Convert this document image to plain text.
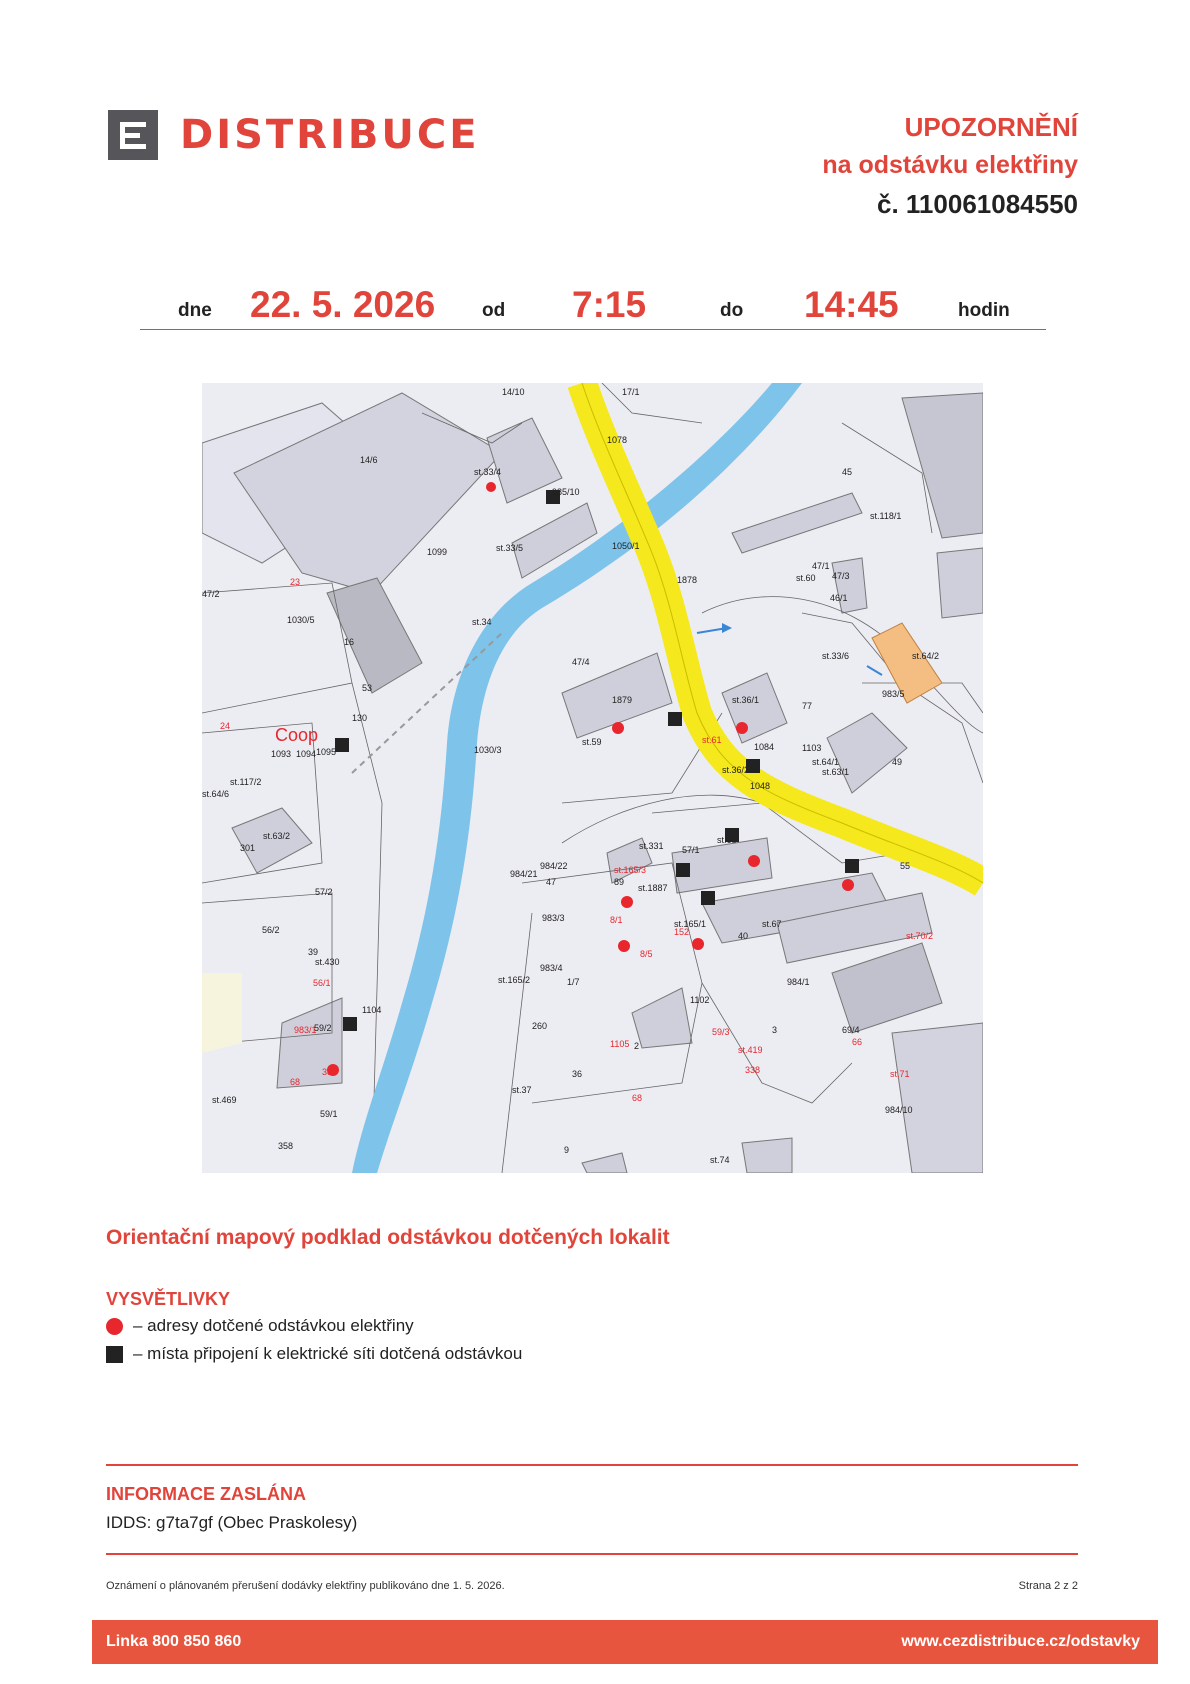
DISTRIBUCE	UPOZORNĚNÍ
na odstávku elektřiny
č. 110061084550
dne 22. 5. 2026 od 7:15	do 14:45	hodin
14/10	17/1
1078
14/6
st.33/4
985/10
45
st.118/1
1099	st.33/5	1050/1
st.60 47/3
47/1
23	1878
46/1
47/2
1030/5	st.34
16
st.33/6	st.64/2
47/4
53
983/5
130
1879	st.36/1
77
24 Coop
1093 1094 1095	1030/3
st.59	st.61
1084	1103
st.64/1	49
st.117/2
st.36/2	st.63/1
st.64/6
1048
st.63/2
301	st.331 57/1
st.68
55
984/21
984/22	st.165/3
47	89
st.1887
57/2
56/2
983/3	8/1	st.165/1
152
st.67
40	st.70/2
39
st.430
8/5
983/4
56/1	st.165/2	1/7	984/1
1102
1104
260
59/3
983/1
59/2
1105 2	66
st.419
338	st.71
68
38	36
st.37
68
59/1	984/10
358	9
st.74
3	69/4
st.469
Orientační mapový podklad odstávkou dotčených lokalit
VYSVĚTLIVKY
– adresy dotčené odstávkou elektřiny
– místa připojení k elektrické síti dotčená odstávkou
INFORMACE ZASLÁNA
IDDS: g7ta7gf (Obec Praskolesy)
Oznámení o plánovaném přerušení dodávky elektřiny publikováno dne 1. 5. 2026.	Strana 2 z 2
Linka 800 850 860	www.cezdistribuce.cz/odstavky
